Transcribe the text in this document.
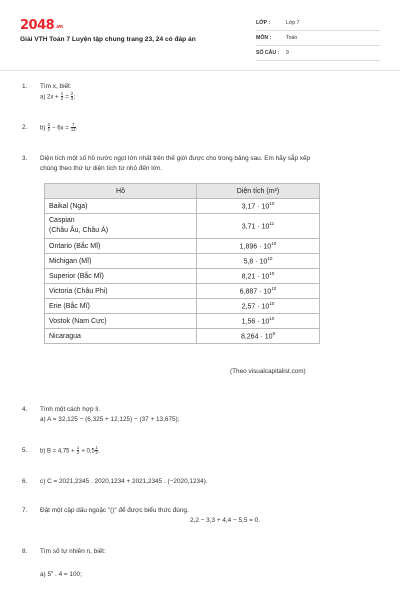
2048.vn
Giải VTH Toán 7 Luyện tập chung trang 23, 24 có đáp án
LỚP :	Lớp 7
MÔN :	Toán
SỐ CÂU :	9
1. Tìm x, biết:
a) $2x + \frac{1}{2} = \frac{2}{3}$ ;
2. $b) \frac{3}{2} - 6x = \frac{7}{12}$ .
3. Diện tích một số hồ nước ngọt lớn nhất trên thế giới được cho trong bảng sau. Em hãy sắp xếp
chúng theo thứ tự diện tích từ nhỏ đến lớn.
Hồ	Diện tích (m²)
Baikal (Nga)	$3,17 \cdot 10^{10}$

Caspian
(Châu Âu, Châu Á)	$3,71 \cdot 10^{11}$
Ontario (Bắc Mĩ)	$1,896 \cdot 10^{10}$
Michigan (Mĩ)	$5,8 \cdot 10^{10}$
Superior (Bắc Mĩ)	$8,21 \cdot 10^{10}$
Victoria (Châu Phi)	$6,887 \cdot 10^{10}$
Erie (Bắc Mĩ)	$2,57 \cdot 10^{10}$
Vostok (Nam Cực)	$1,56 \cdot 10^{10}$
Nicaragua	$8,264 \cdot 10^9$
(Theo visualcapitalist.com)
4. Tính một cách hợp lí.
a) A = 32,125 − (6,325 + 12,125) − (37 + 13,675);
5. b) $B = 4,75 + \frac{1}{2} + 0,5 \frac{1}{2}$ .
6. c) C = 2021,2345 . 2020,1234 + 2021,2345 . (−2020,1234).
7. Đặt một cặp dấu ngoặc "()" để được biểu thức đúng.
2,2 − 3,3 + 4,4 − 5,5 = 0.
8. Tìm số tự nhiên n, biết:
a) 5$^n$ . 4 = 100;
